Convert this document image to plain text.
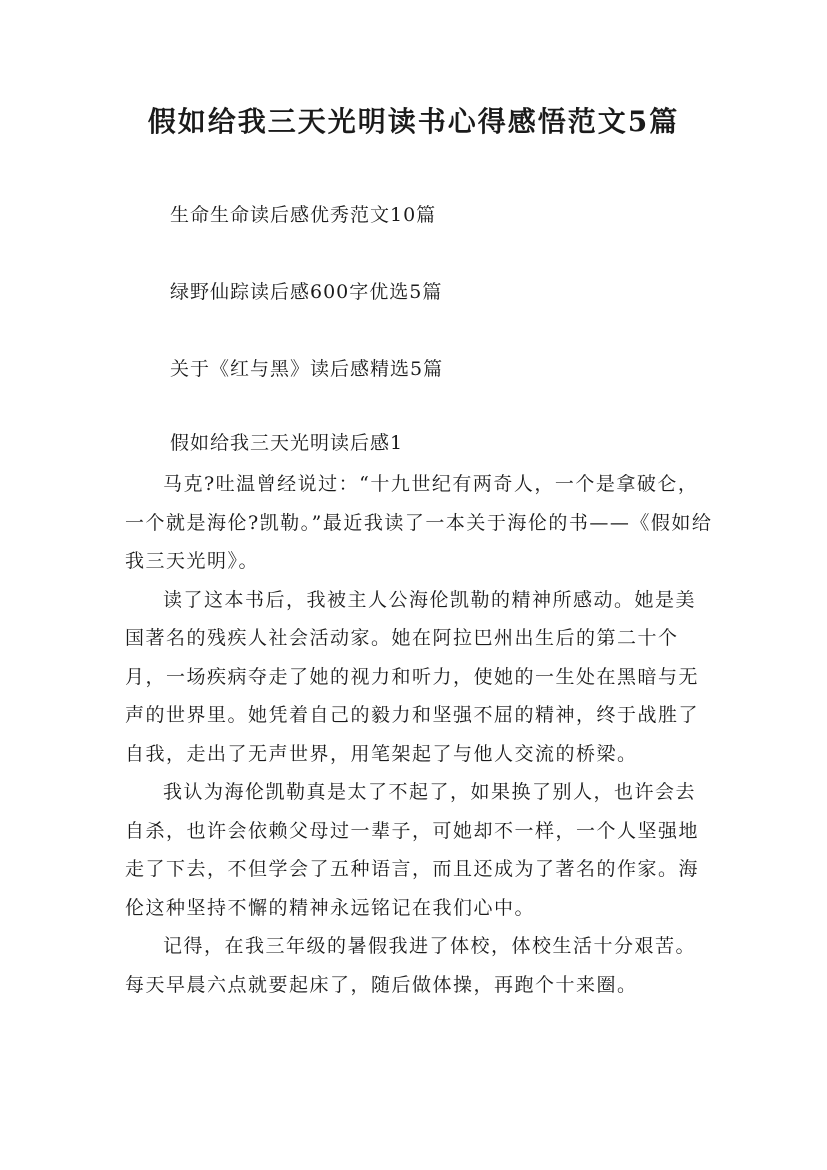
假如给我三天光明读书心得感悟范文5篇
生命生命读后感优秀范文10篇
绿野仙踪读后感600字优选5篇
关于《红与黑》读后感精选5篇
假如给我三天光明读后感1

马克?吐温曾经说过：“十九世纪有两奇人，一个是拿破仑，一个就是海伦?凯勒。”最近我读了一本关于海伦的书——《假如给我三天光明》。

读了这本书后，我被主人公海伦凯勒的精神所感动。她是美国著名的残疾人社会活动家。她在阿拉巴州出生后的第二十个月，一场疾病夺走了她的视力和听力，使她的一生处在黑暗与无声的世界里。她凭着自己的毅力和坚强不屈的精神，终于战胜了自我，走出了无声世界，用笔架起了与他人交流的桥梁。

我认为海伦凯勒真是太了不起了，如果换了别人，也许会去自杀，也许会依赖父母过一辈子，可她却不一样，一个人坚强地走了下去，不但学会了五种语言，而且还成为了著名的作家。海伦这种坚持不懈的精神永远铭记在我们心中。

记得，在我三年级的暑假我进了体校，体校生活十分艰苦。每天早晨六点就要起床了，随后做体操，再跑个十来圈。
